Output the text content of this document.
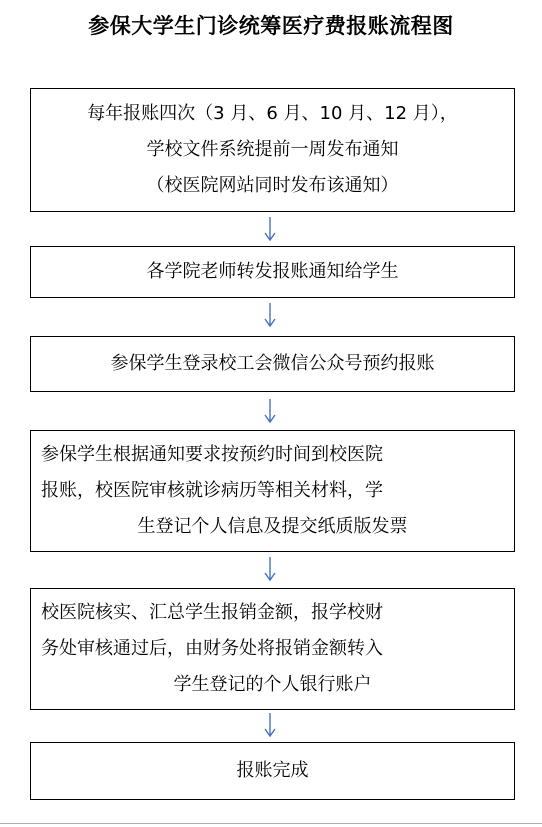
参保大学生门诊统筹医疗费报账流程图
每年报账四次（3 月、6 月、10 月、12 月），
学校文件系统提前一周发布通知
（校医院网站同时发布该通知）
各学院老师转发报账通知给学生
参保学生登录校工会微信公众号预约报账
参保学生根据通知要求按预约时间到校医院
报账，校医院审核就诊病历等相关材料，学
生登记个人信息及提交纸质版发票
校医院核实、汇总学生报销金额，报学校财
务处审核通过后，由财务处将报销金额转入
学生登记的个人银行账户
报账完成
